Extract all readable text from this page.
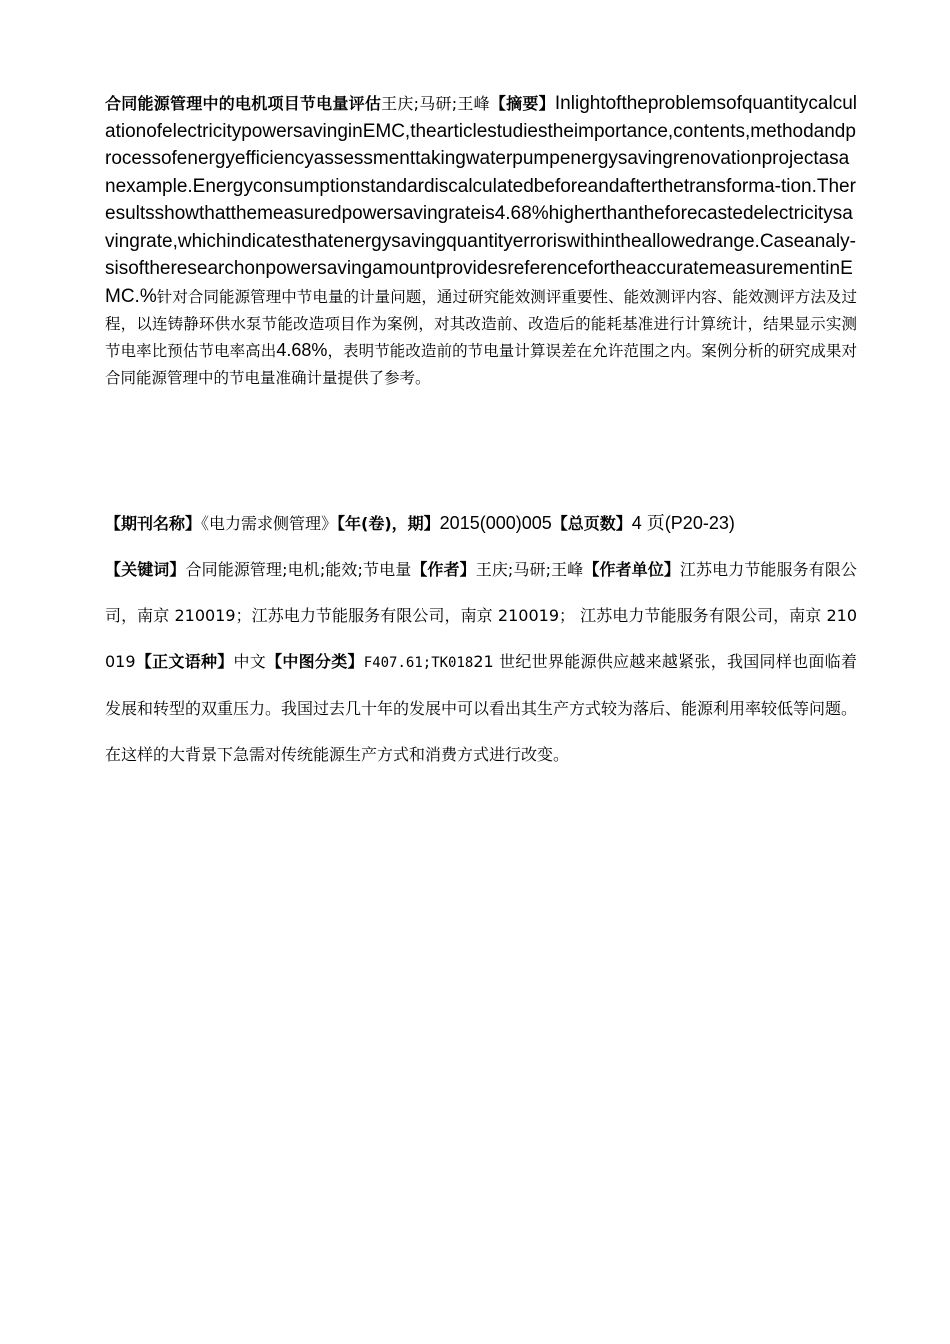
合同能源管理中的电机项目节电量评估王庆;马研;王峰【摘要】InlightoftheproblemsofquantitycalculationofelectricitypowersavinginEMC,thearticlestudiestheimportance,contents,methodandprocessofenergyefficiencyassessmenttakingwaterpumpenergysavingrenovationprojectasanexample.Energyconsumptionstandardiscalculatedbeforeandafterthetransforma-tion.Theresultsshowthatthemeasuredpowersavingrateis4.68%higherthantheforecastedelectricitysavingrate,whichindicatesthatenergysavingquantityerroriswithintheallowedrange.Caseanaly-sisoftheresearchonpowersavingamountprovidesreferencefortheaccuratemeasurementinEMC.%针对合同能源管理中节电量的计量问题，通过研究能效测评重要性、能效测评内容、能效测评方法及过程，以连铸静环供水泵节能改造项目作为案例，对其改造前、改造后的能耗基准进行计算统计，结果显示实测节电率比预估节电率高出4.68%，表明节能改造前的节电量计算误差在允许范围之内。案例分析的研究成果对合同能源管理中的节电量准确计量提供了参考。
【期刊名称】《电力需求侧管理》【年(卷)，期】2015(000)005【总页数】4 页(P20-23)
【关键词】合同能源管理;电机;能效;节电量【作者】王庆;马研;王峰【作者单位】江苏电力节能服务有限公司，南京 210019；江苏电力节能服务有限公司，南京 210019； 江苏电力节能服务有限公司，南京 210019【正文语种】中文【中图分类】F407.61;TK01821 世纪世界能源供应越来越紧张，我国同样也面临着发展和转型的双重压力。我国过去几十年的发展中可以看出其生产方式较为落后、能源利用率较低等问题。在这样的大背景下急需对传统能源生产方式和消费方式进行改变。
